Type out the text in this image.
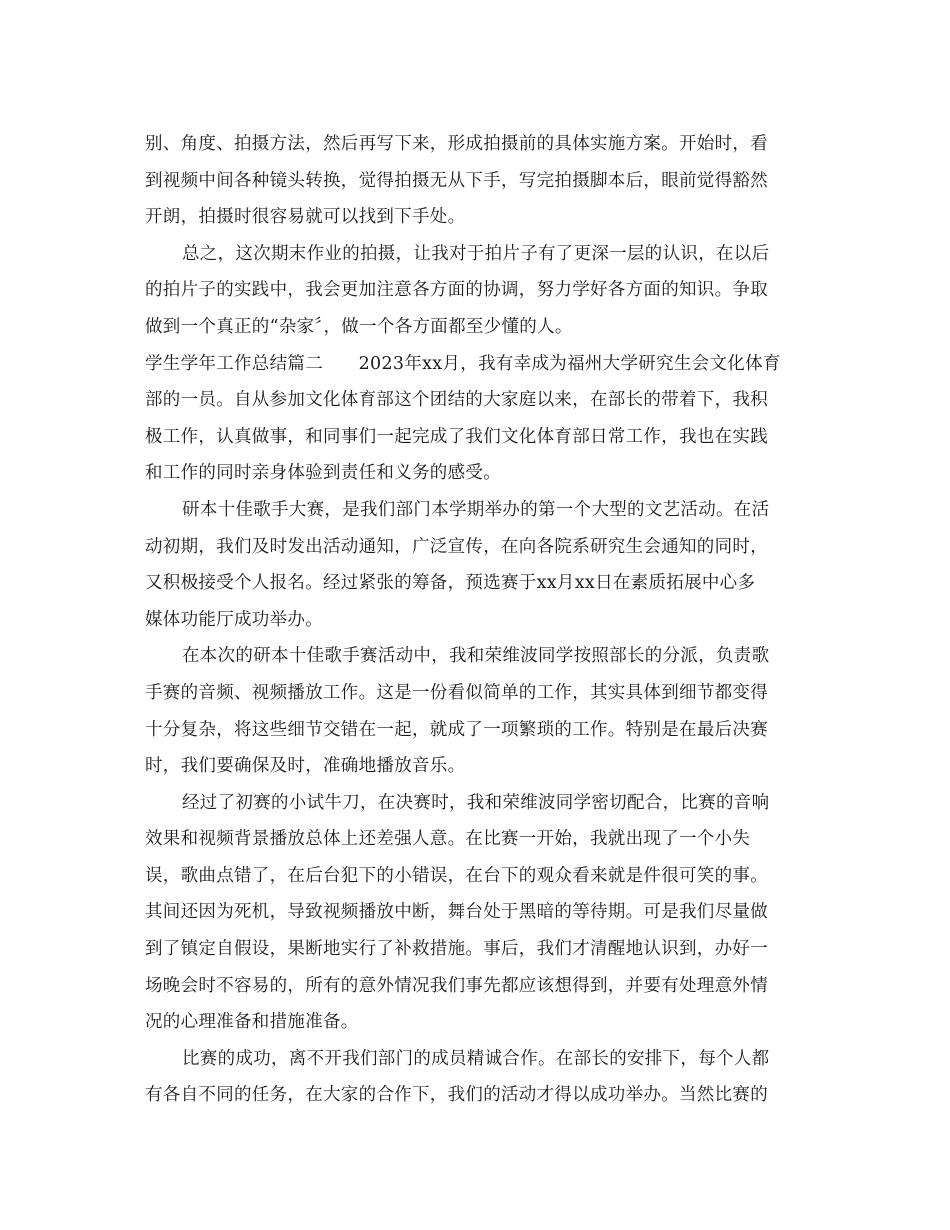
别、角度、拍摄方法，然后再写下来，形成拍摄前的具体实施方案。开始时，看
到视频中间各种镜头转换，觉得拍摄无从下手，写完拍摄脚本后，眼前觉得豁然
开朗，拍摄时很容易就可以找到下手处。
总之，这次期末作业的拍摄，让我对于拍片子有了更深一层的认识，在以后
的拍片子的实践中，我会更加注意各方面的协调，努力学好各方面的知识。争取
做到一个真正的“杂家〞，做一个各方面都至少懂的人。
学生学年工作总结篇二　　2023年xx月，我有幸成为福州大学研究生会文化体育
部的一员。自从参加文化体育部这个团结的大家庭以来，在部长的带着下，我积
极工作，认真做事，和同事们一起完成了我们文化体育部日常工作，我也在实践
和工作的同时亲身体验到责任和义务的感受。
研本十佳歌手大赛，是我们部门本学期举办的第一个大型的文艺活动。在活
动初期，我们及时发出活动通知，广泛宣传，在向各院系研究生会通知的同时，
又积极接受个人报名。经过紧张的筹备，预选赛于xx月xx日在素质拓展中心多
媒体功能厅成功举办。
在本次的研本十佳歌手赛活动中，我和荣维波同学按照部长的分派，负责歌
手赛的音频、视频播放工作。这是一份看似简单的工作，其实具体到细节都变得
十分复杂，将这些细节交错在一起，就成了一项繁琐的工作。特别是在最后决赛
时，我们要确保及时，准确地播放音乐。
经过了初赛的小试牛刀，在决赛时，我和荣维波同学密切配合，比赛的音响
效果和视频背景播放总体上还差强人意。在比赛一开始，我就出现了一个小失
误，歌曲点错了，在后台犯下的小错误，在台下的观众看来就是件很可笑的事。
其间还因为死机，导致视频播放中断，舞台处于黑暗的等待期。可是我们尽量做
到了镇定自假设，果断地实行了补救措施。事后，我们才清醒地认识到，办好一
场晚会时不容易的，所有的意外情况我们事先都应该想得到，并要有处理意外情
况的心理准备和措施准备。
比赛的成功，离不开我们部门的成员精诚合作。在部长的安排下，每个人都
有各自不同的任务，在大家的合作下，我们的活动才得以成功举办。当然比赛的
